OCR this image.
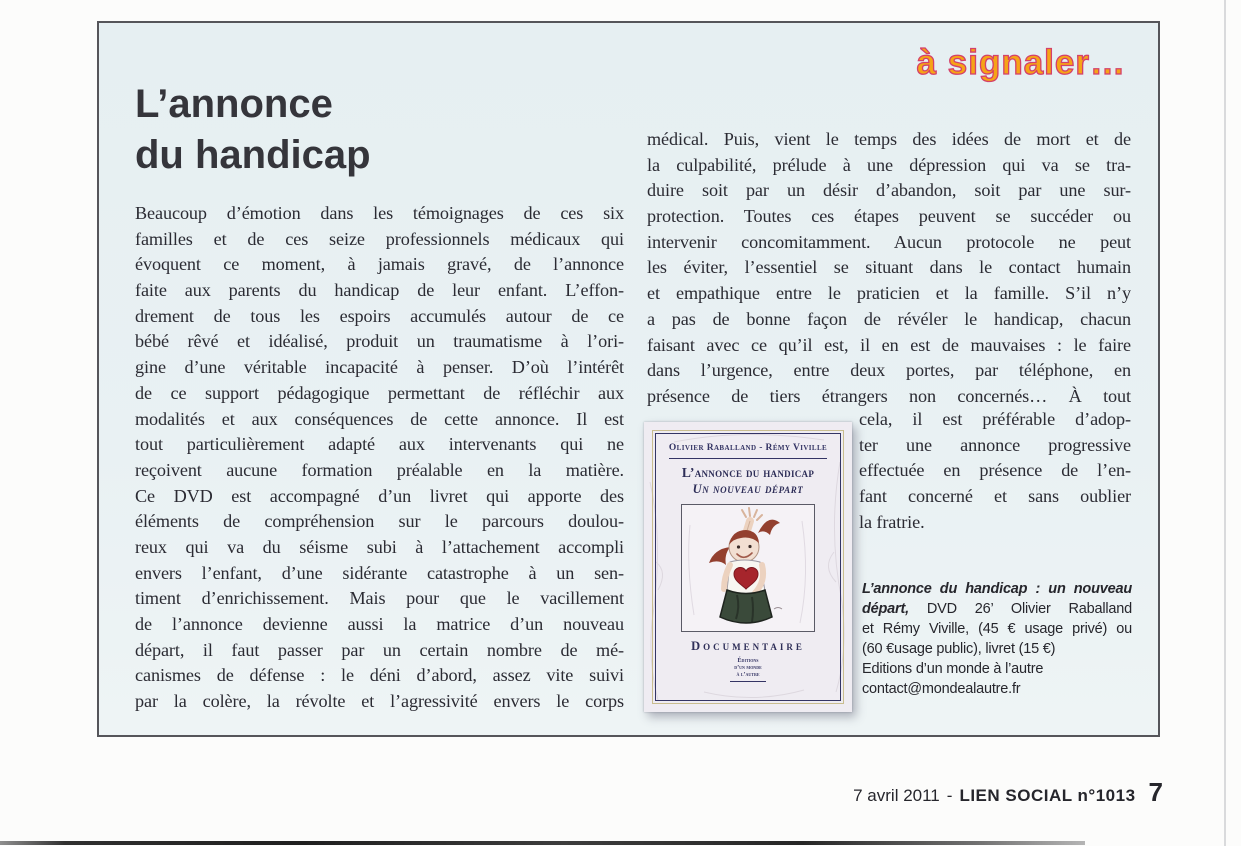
à signaler…
L’annonce
du handicap
Beaucoup d’émotion dans les témoignages de ces six
familles et de ces seize professionnels médicaux qui
évoquent ce moment, à jamais gravé, de l’annonce
faite aux parents du handicap de leur enfant. L’effon-
drement de tous les espoirs accumulés autour de ce
bébé rêvé et idéalisé, produit un traumatisme à l’ori-
gine d’une véritable incapacité à penser. D’où l’intérêt
de ce support pédagogique permettant de réfléchir aux
modalités et aux conséquences de cette annonce. Il est
tout particulièrement adapté aux intervenants qui ne
reçoivent aucune formation préalable en la matière.
Ce DVD est accompagné d’un livret qui apporte des
éléments de compréhension sur le parcours doulou-
reux qui va du séisme subi à l’attachement accompli
envers l’enfant, d’une sidérante catastrophe à un sen-
timent d’enrichissement. Mais pour que le vacillement
de l’annonce devienne aussi la matrice d’un nouveau
départ, il faut passer par un certain nombre de mé-
canismes de défense : le déni d’abord, assez vite suivi
par la colère, la révolte et l’agressivité envers le corps
médical. Puis, vient le temps des idées de mort et de
la culpabilité, prélude à une dépression qui va se tra-
duire soit par un désir d’abandon, soit par une sur-
protection. Toutes ces étapes peuvent se succéder ou
intervenir concomitamment. Aucun protocole ne peut
les éviter, l’essentiel se situant dans le contact humain
et empathique entre le praticien et la famille. S’il n’y
a pas de bonne façon de révéler le handicap, chacun
faisant avec ce qu’il est, il en est de mauvaises : le faire
dans l’urgence, entre deux portes, par téléphone, en
présence de tiers étrangers non concernés… À tout
cela, il est préférable d’adop-
ter une annonce progressive
effectuée en présence de l’en-
fant concerné et sans oublier
la fratrie.
Olivier Raballand - Rémy Viville
L’annonce du handicap
Un nouveau départ
Documentaire
Éditions
d’un monde
à l’autre
L’annonce du handicap : un nouveau
départ, DVD 26’ Olivier Raballand
et Rémy Viville, (45 € usage privé) ou
(60 €usage public), livret (15 €)
Editions d’un monde à l’autre
contact@mondealautre.fr
7 avril 2011 - LIEN SOCIAL n°1013 7
